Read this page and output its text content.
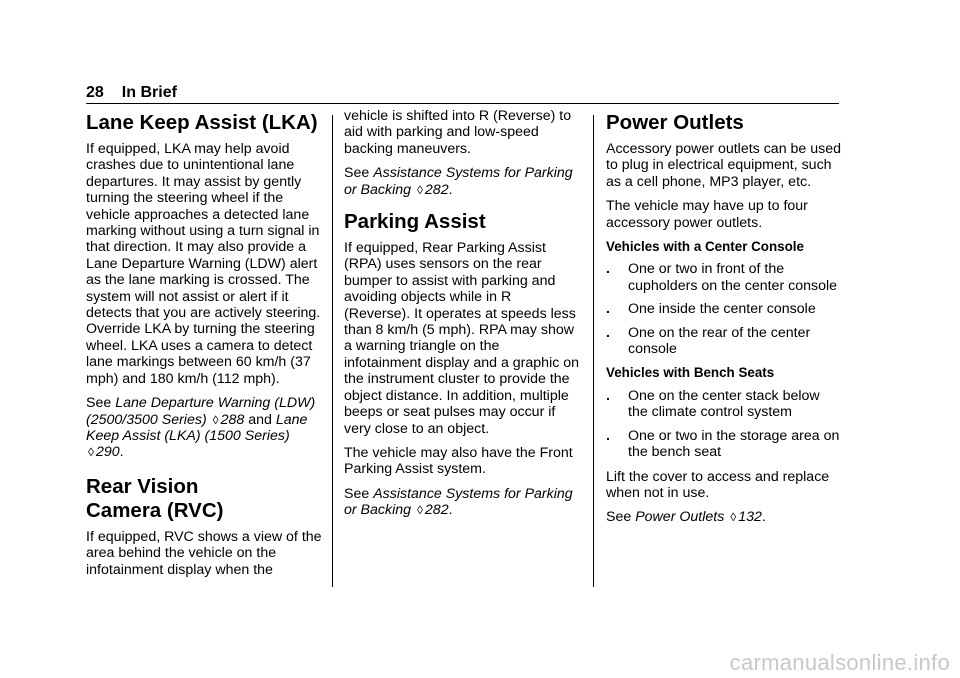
28 In Brief
Lane Keep Assist (LKA)

If equipped, LKA may help avoid crashes due to unintentional lane departures. It may assist by gently turning the steering wheel if the vehicle approaches a detected lane marking without using a turn signal in that direction. It may also provide a Lane Departure Warning (LDW) alert as the lane marking is crossed. The system will not assist or alert if it detects that you are actively steering. Override LKA by turning the steering wheel. LKA uses a camera to detect lane markings between 60 km/h (37 mph) and 180 km/h (112 mph).

See Lane Departure Warning (LDW) (2500/3500 Series) ◊ 288 and Lane Keep Assist (LKA) (1500 Series)
◊ 290.

Rear Vision
Camera (RVC)

If equipped, RVC shows a view of the area behind the vehicle on the infotainment display when the

vehicle is shifted into R (Reverse) to aid with parking and low-speed backing maneuvers.

See Assistance Systems for Parking or Backing ◊ 282.

Parking Assist

If equipped, Rear Parking Assist (RPA) uses sensors on the rear bumper to assist with parking and avoiding objects while in R (Reverse). It operates at speeds less than 8 km/h (5 mph). RPA may show a warning triangle on the infotainment display and a graphic on the instrument cluster to provide the object distance. In addition, multiple beeps or seat pulses may occur if very close to an object.

The vehicle may also have the Front Parking Assist system.

See Assistance Systems for Parking or Backing ◊ 282.

Power Outlets

Accessory power outlets can be used to plug in electrical equipment, such as a cell phone, MP3 player, etc.

The vehicle may have up to four accessory power outlets.

Vehicles with a Center Console

. One or two in front of the cupholders on the center console
. One inside the center console
. One on the rear of the center console

Vehicles with Bench Seats

. One on the center stack below the climate control system
. One or two in the storage area on the bench seat

Lift the cover to access and replace when not in use.

See Power Outlets ◊ 132.

carmanualsonline.info
